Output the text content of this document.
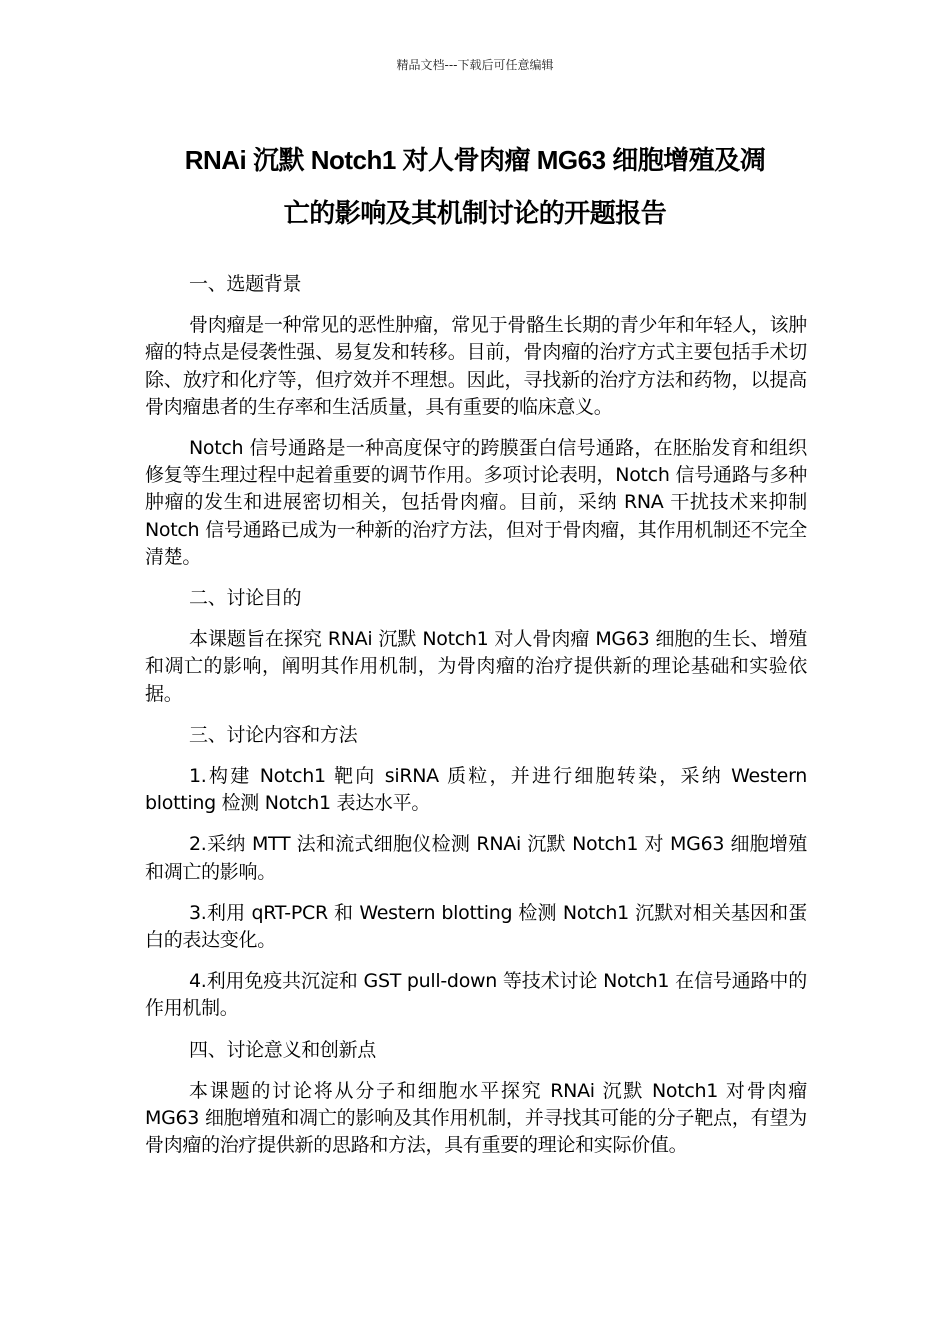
精品文档---下载后可任意编辑
RNAi 沉默 Notch1 对人骨肉瘤 MG63 细胞增殖及凋
亡的影响及其机制讨论的开题报告

一、选题背景

骨肉瘤是一种常见的恶性肿瘤，常见于骨骼生长期的青少年和年轻人，该肿瘤的特点是侵袭性强、易复发和转移。目前，骨肉瘤的治疗方式主要包括手术切除、放疗和化疗等，但疗效并不理想。因此，寻找新的治疗方法和药物，以提高骨肉瘤患者的生存率和生活质量，具有重要的临床意义。

Notch 信号通路是一种高度保守的跨膜蛋白信号通路，在胚胎发育和组织修复等生理过程中起着重要的调节作用。多项讨论表明，Notch 信号通路与多种肿瘤的发生和进展密切相关，包括骨肉瘤。目前，采纳 RNA 干扰技术来抑制 Notch 信号通路已成为一种新的治疗方法，但对于骨肉瘤，其作用机制还不完全清楚。

二、讨论目的

本课题旨在探究 RNAi 沉默 Notch1 对人骨肉瘤 MG63 细胞的生长、增殖和凋亡的影响，阐明其作用机制，为骨肉瘤的治疗提供新的理论基础和实验依据。

三、讨论内容和方法

1.构建 Notch1 靶向 siRNA 质粒，并进行细胞转染，采纳 Western blotting 检测 Notch1 表达水平。

2.采纳 MTT 法和流式细胞仪检测 RNAi 沉默 Notch1 对 MG63 细胞增殖和凋亡的影响。

3.利用 qRT-PCR 和 Western blotting 检测 Notch1 沉默对相关基因和蛋白的表达变化。

4.利用免疫共沉淀和 GST pull-down 等技术讨论 Notch1 在信号通路中的作用机制。

四、讨论意义和创新点

本课题的讨论将从分子和细胞水平探究 RNAi 沉默 Notch1 对骨肉瘤 MG63 细胞增殖和凋亡的影响及其作用机制，并寻找其可能的分子靶点，有望为骨肉瘤的治疗提供新的思路和方法，具有重要的理论和实际价值。
